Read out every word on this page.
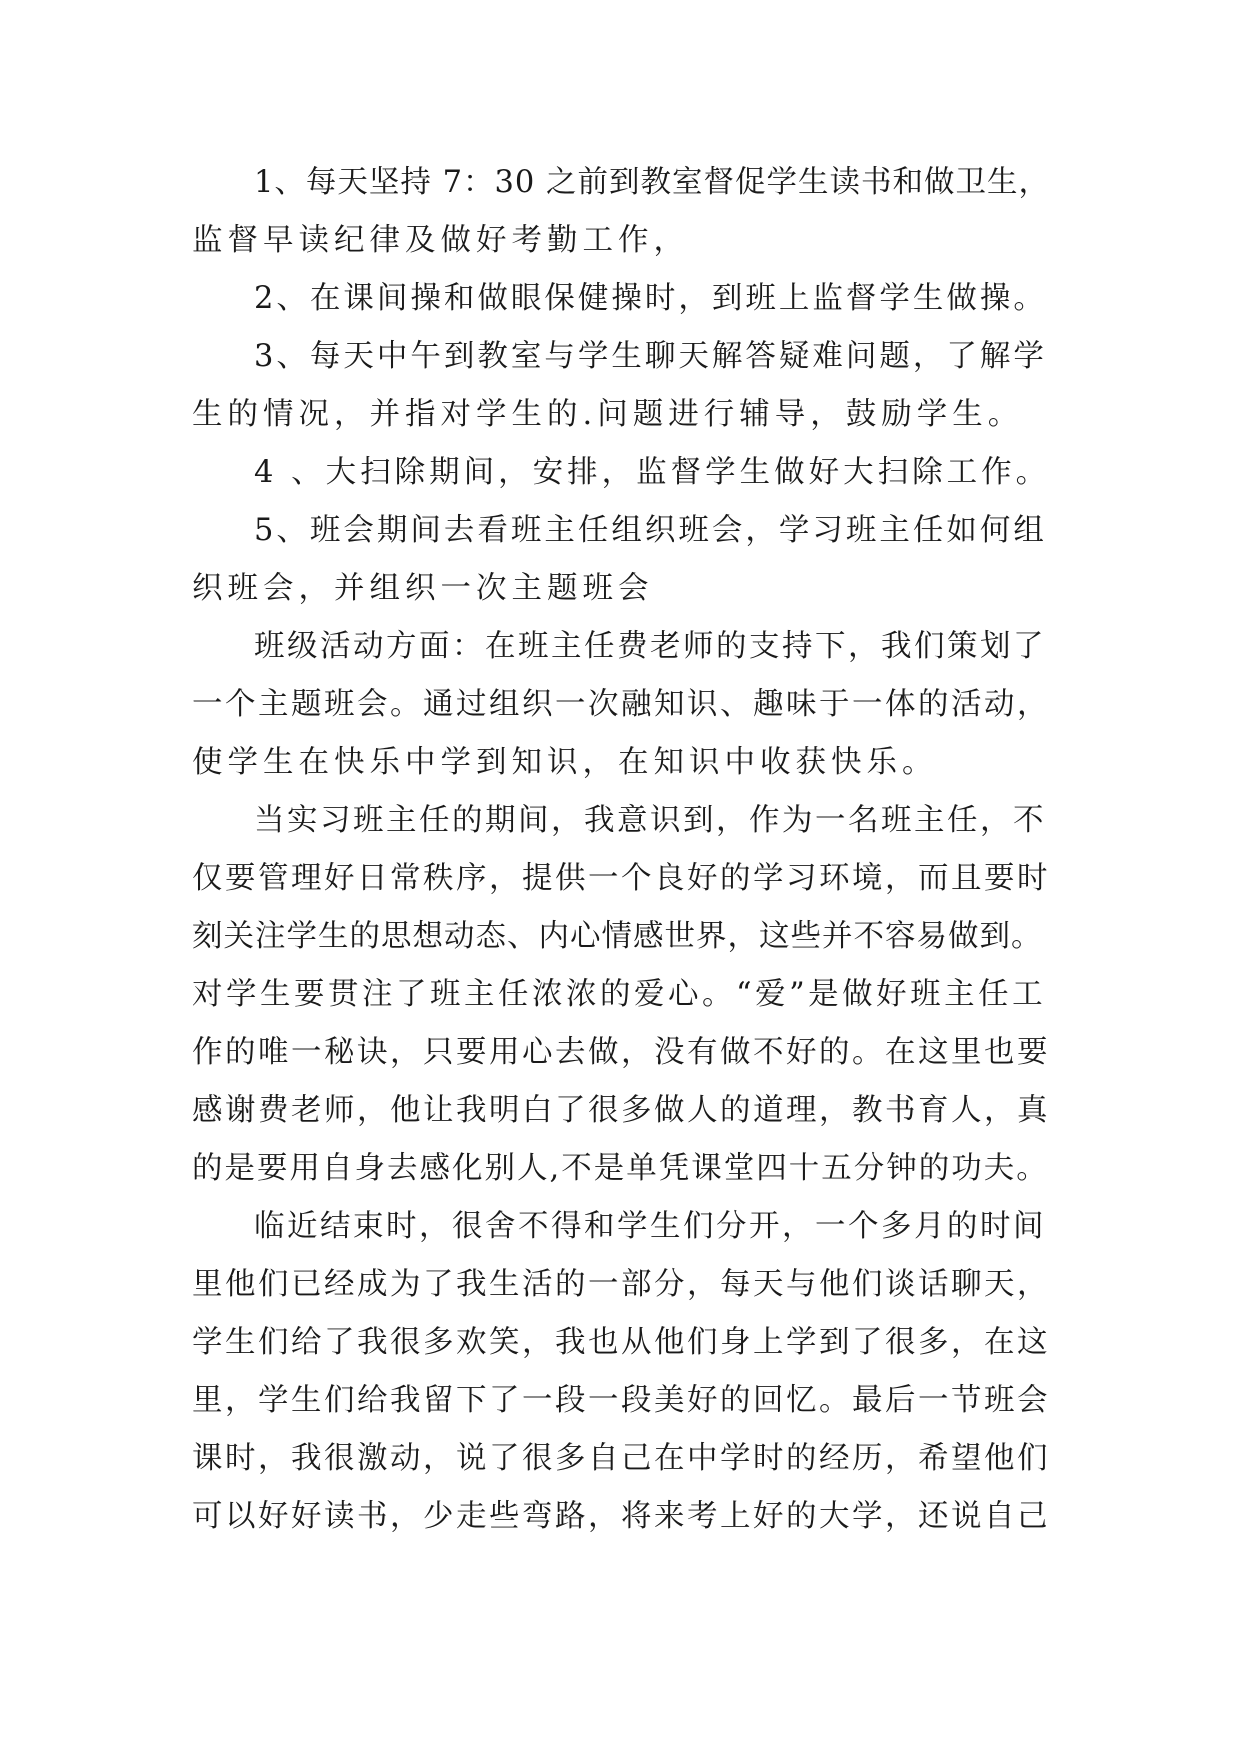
1、每天坚持 7：30 之前到教室督促学生读书和做卫生，
监督早读纪律及做好考勤工作，
2、在课间操和做眼保健操时，到班上监督学生做操。
3、每天中午到教室与学生聊天解答疑难问题，了解学
生的情况，并指对学生的.问题进行辅导，鼓励学生。
4 、大扫除期间，安排，监督学生做好大扫除工作。
5、班会期间去看班主任组织班会，学习班主任如何组
织班会，并组织一次主题班会
班级活动方面：在班主任费老师的支持下，我们策划了
一个主题班会。通过组织一次融知识、趣味于一体的活动，
使学生在快乐中学到知识，在知识中收获快乐。
当实习班主任的期间，我意识到，作为一名班主任，不
仅要管理好日常秩序，提供一个良好的学习环境，而且要时
刻关注学生的思想动态、内心情感世界，这些并不容易做到。
对学生要贯注了班主任浓浓的爱心。“爱”是做好班主任工
作的唯一秘诀，只要用心去做，没有做不好的。在这里也要
感谢费老师，他让我明白了很多做人的道理，教书育人，真
的是要用自身去感化别人,不是单凭课堂四十五分钟的功夫。
临近结束时，很舍不得和学生们分开，一个多月的时间
里他们已经成为了我生活的一部分，每天与他们谈话聊天，
学生们给了我很多欢笑，我也从他们身上学到了很多，在这
里，学生们给我留下了一段一段美好的回忆。最后一节班会
课时，我很激动，说了很多自己在中学时的经历，希望他们
可以好好读书，少走些弯路，将来考上好的大学，还说自己
